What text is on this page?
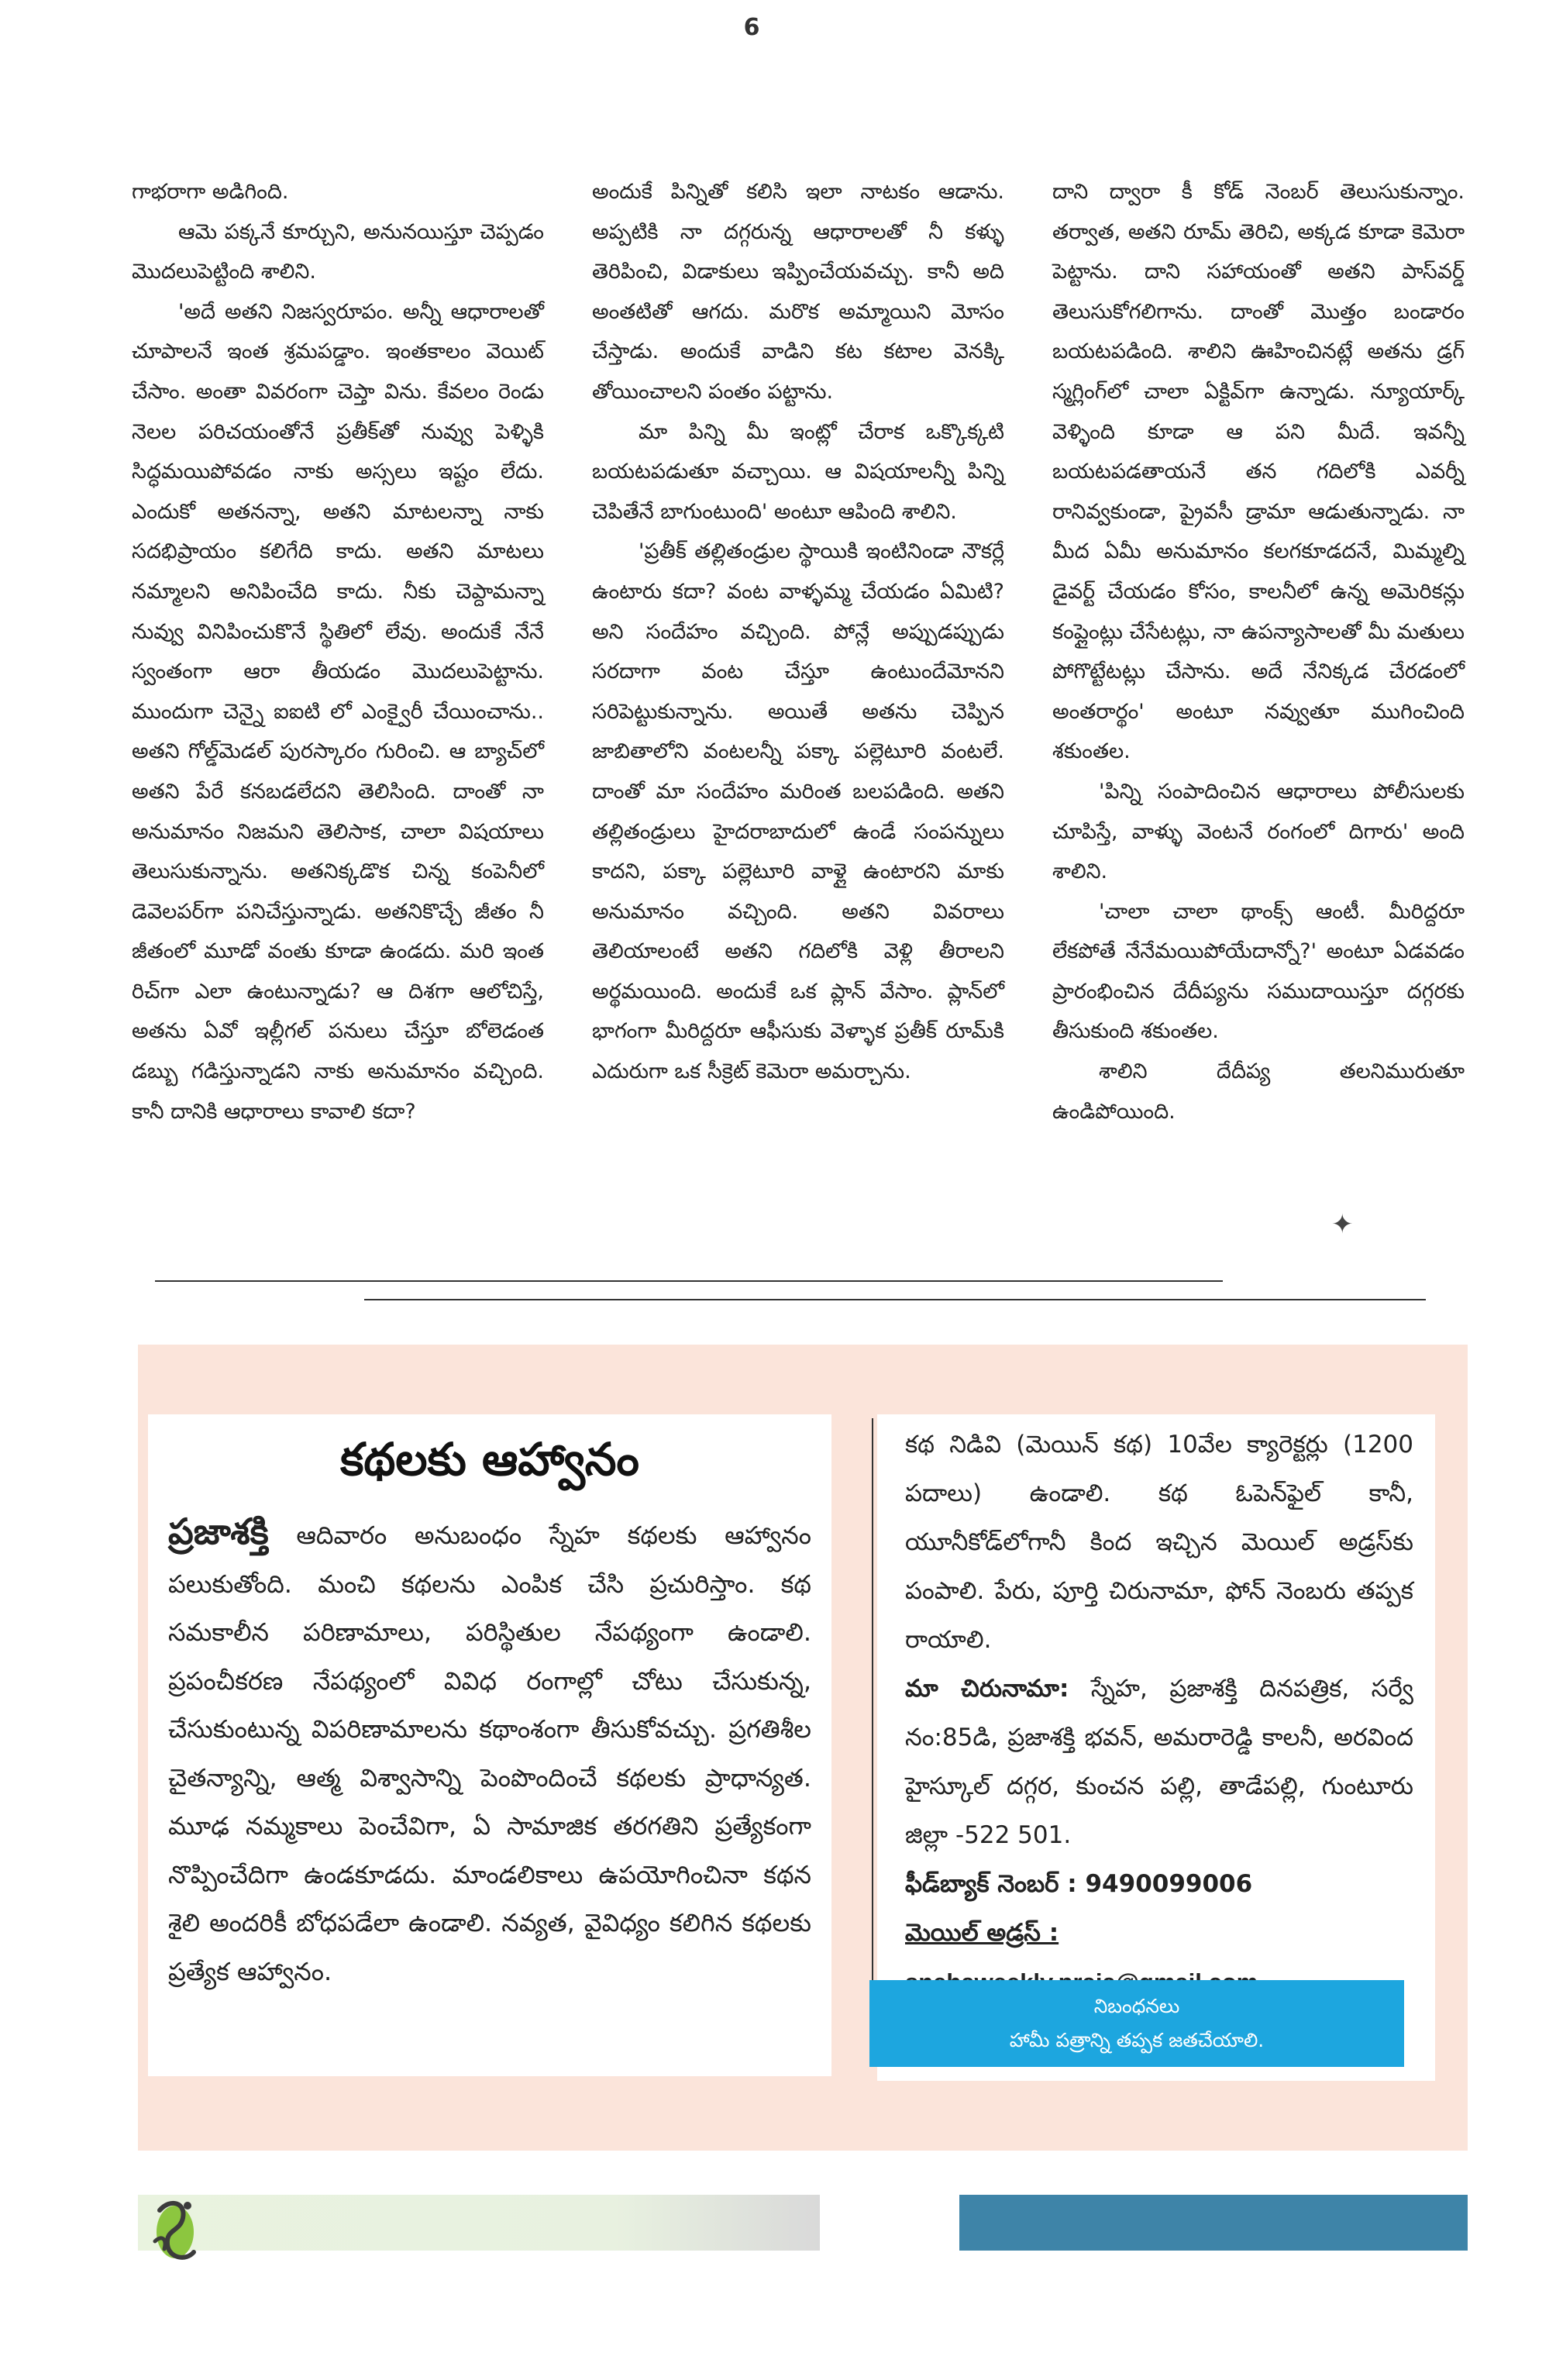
గాభరాగా అడిగింది.

ఆమె పక్కనే కూర్చుని, అనునయిస్తూ చెప్పడం మొదలుపెట్టింది శాలిని.

'అదే అతని నిజస్వరూపం. అన్నీ ఆధారాలతో చూపాలనే ఇంత శ్రమపడ్డాం. ఇంతకాలం వెయిట్ చేసాం. అంతా వివరంగా చెప్తా విను. కేవలం రెండు నెలల పరిచయంతోనే ప్రతీక్‌తో నువ్వు పెళ్ళికి సిద్ధమయిపోవడం నాకు అస్సలు ఇష్టం లేదు. ఎందుకో అతనన్నా, అతని మాటలన్నా నాకు సదభిప్రాయం కలిగేది కాదు. అతని మాటలు నమ్మాలని అనిపించేది కాదు. నీకు చెప్దామన్నా నువ్వు వినిపించుకొనే స్థితిలో లేవు. అందుకే నేనే స్వంతంగా ఆరా తీయడం మొదలుపెట్టాను. ముందుగా చెన్నై ఐఐటి లో ఎంక్వైరీ చేయించాను.. అతని గోల్డ్‌మెడల్ పురస్కారం గురించి. ఆ బ్యాచ్‌లో అతని పేరే కనబడలేదని తెలిసింది. దాంతో నా అనుమానం నిజమని తెలిసాక, చాలా విషయాలు తెలుసుకున్నాను. అతనిక్కడొక చిన్న కంపెనీలో డెవెలపర్‌గా పనిచేస్తున్నాడు. అతనికొచ్చే జీతం నీ జీతంలో మూడో వంతు కూడా ఉండదు. మరి ఇంత రిచ్‌గా ఎలా ఉంటున్నాడు? ఆ దిశగా ఆలోచిస్తే, అతను ఏవో ఇల్లీగల్ పనులు చేస్తూ బోలెడంత డబ్బు గడిస్తున్నాడని నాకు అనుమానం వచ్చింది. కానీ దానికి ఆధారాలు కావాలి కదా?

అందుకే పిన్నితో కలిసి ఇలా నాటకం ఆడాను. అప్పటికి నా దగ్గరున్న ఆధారాలతో నీ కళ్ళు తెరిపించి, విడాకులు ఇప్పించేయవచ్చు. కానీ అది అంతటితో ఆగదు. మరొక అమ్మాయిని మోసం చేస్తాడు. అందుకే వాడిని కట కటాల వెనక్కి తోయించాలని పంతం పట్టాను.

మా పిన్ని మీ ఇంట్లో చేరాక ఒక్కొక్కటి బయటపడుతూ వచ్చాయి. ఆ విషయాలన్నీ పిన్ని చెపితేనే బాగుంటుంది' అంటూ ఆపింది శాలిని.

'ప్రతీక్ తల్లితండ్రుల స్థాయికి ఇంటినిండా నౌకర్లే ఉంటారు కదా? వంట వాళ్ళమ్మ చేయడం ఏమిటి? అని సందేహం వచ్చింది. పోన్లే అప్పుడప్పుడు సరదాగా వంట చేస్తూ ఉంటుందేమోనని సరిపెట్టుకున్నాను. అయితే అతను చెప్పిన జాబితాలోని వంటలన్నీ పక్కా పల్లెటూరి వంటలే. దాంతో మా సందేహం మరింత బలపడింది. అతని తల్లితండ్రులు హైదరాబాదులో ఉండే సంపన్నులు కాదని, పక్కా పల్లెటూరి వాళ్లై ఉంటారని మాకు అనుమానం వచ్చింది. అతని వివరాలు తెలియాలంటే అతని గదిలోకి వెళ్లి తీరాలని అర్థమయింది. అందుకే ఒక ప్లాన్ వేసాం. ప్లాన్‌లో భాగంగా మీరిద్దరూ ఆఫీసుకు వెళ్ళాక ప్రతీక్ రూమ్‌కి ఎదురుగా ఒక సీక్రెట్ కెమెరా అమర్చాను.

దాని ద్వారా కీ కోడ్ నెంబర్ తెలుసుకున్నాం. తర్వాత, అతని రూమ్ తెరిచి, అక్కడ కూడా కెమెరా పెట్టాను. దాని సహాయంతో అతని పాస్‌వర్డ్ తెలుసుకోగలిగాను. దాంతో మొత్తం బండారం బయటపడింది. శాలిని ఊహించినట్లే అతను డ్రగ్ స్మగ్లింగ్‌లో చాలా ఏక్టివ్‌గా ఉన్నాడు. న్యూయార్క్ వెళ్ళింది కూడా ఆ పని మీదే. ఇవన్నీ బయటపడతాయనే తన గదిలోకి ఎవర్నీ రానివ్వకుండా, ప్రైవసీ డ్రామా ఆడుతున్నాడు. నా మీద ఏమీ అనుమానం కలగకూడదనే, మిమ్మల్ని డైవర్ట్ చేయడం కోసం, కాలనీలో ఉన్న అమెరికన్లు కంప్లైంట్లు చేసేటట్లు, నా ఉపన్యాసాలతో మీ మతులు పోగొట్టేటట్లు చేసాను. అదే నేనిక్కడ చేరడంలో అంతరార్థం' అంటూ నవ్వుతూ ముగించింది శకుంతల.

'పిన్ని సంపాదించిన ఆధారాలు పోలీసులకు చూపిస్తే, వాళ్ళు వెంటనే రంగంలో దిగారు' అంది శాలిని.

'చాలా చాలా థాంక్స్ ఆంటీ. మీరిద్దరూ లేకపోతే నేనేమయిపోయేదాన్నో?' అంటూ ఏడవడం ప్రారంభించిన దేదీప్యను సముదాయిస్తూ దగ్గరకు తీసుకుంది శకుంతల.

శాలిని దేదీప్య తలనిమురుతూ ఉండిపోయింది.

✦
కథలకు ఆహ్వానం

ప్రజాశక్తి ఆదివారం అనుబంధం స్నేహ కథలకు ఆహ్వానం పలుకుతోంది. మంచి కథలను ఎంపిక చేసి ప్రచురిస్తాం. కథ సమకాలీన పరిణామాలు, పరిస్థితుల నేపథ్యంగా ఉండాలి. ప్రపంచీకరణ నేపథ్యంలో వివిధ రంగాల్లో చోటు చేసుకున్న, చేసుకుంటున్న విపరిణామాలను కథాంశంగా తీసుకోవచ్చు. ప్రగతిశీల చైతన్యాన్ని, ఆత్మ విశ్వాసాన్ని పెంపొందించే కథలకు ప్రాధాన్యత. మూఢ నమ్మకాలు పెంచేవిగా, ఏ సామాజిక తరగతిని ప్రత్యేకంగా నొప్పించేదిగా ఉండకూడదు. మాండలికాలు ఉపయోగించినా కథన శైలి అందరికీ బోధపడేలా ఉండాలి. నవ్యత, వైవిధ్యం కలిగిన కథలకు ప్రత్యేక ఆహ్వానం.

కథ నిడివి (మెయిన్ కథ) 10వేల క్యారెక్టర్లు (1200 పదాలు) ఉండాలి. కథ ఓపెన్‌ఫైల్ కానీ, యూనీకోడ్‌లోగానీ కింద ఇచ్చిన మెయిల్ అడ్రస్‌కు పంపాలి. పేరు, పూర్తి చిరునామా, ఫోన్ నెంబరు తప్పక రాయాలి.

మా చిరునామా: స్నేహ, ప్రజాశక్తి దినపత్రిక, సర్వే నం:85డి, ప్రజాశక్తి భవన్, అమరారెడ్డి కాలనీ, అరవింద హైస్కూల్ దగ్గర, కుంచన పల్లి, తాడేపల్లి, గుంటూరు జిల్లా -522 501.

ఫీడ్‌బ్యాక్ నెంబర్ : 9490099006

మెయిల్ అడ్రస్ :

నిబంధనలు
హామీ పత్రాన్ని తప్పక జతచేయాలి.
6	ప్రజాశక్తి ఆదివారం 17 సెప్టెంబర్ 2023
